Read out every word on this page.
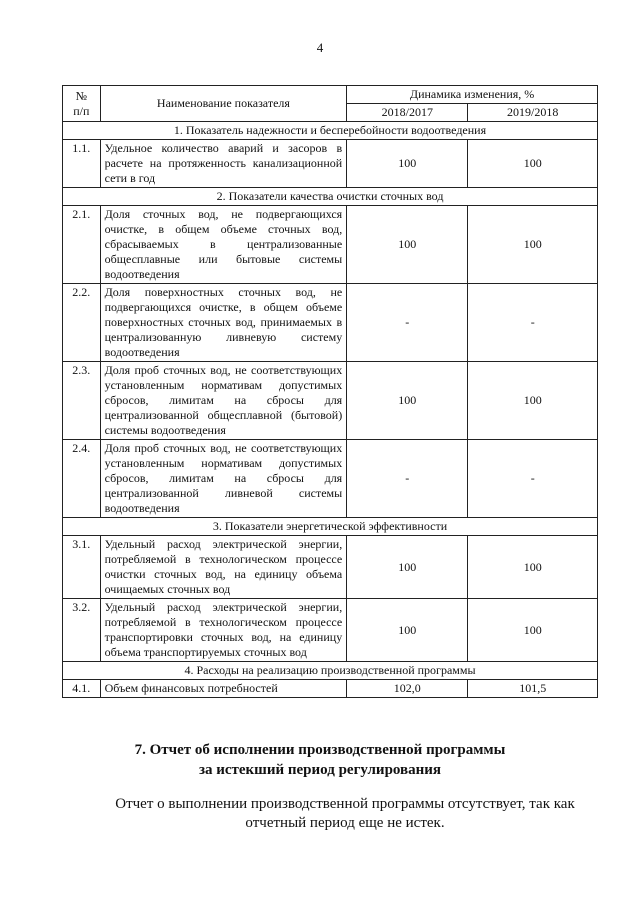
4
№
п/п	Наименование показателя	Динамика изменения, %	
		2018/2017	2019/2018
1. Показатель надежности и бесперебойности водоотведения			
1.1.	Удельное количество аварий и засоров в расчете на протяженность канализационной сети в год	100	100
2. Показатели качества очистки сточных вод			
2.1.	Доля сточных вод, не подвергающихся очистке, в общем объеме сточных вод, сбрасываемых в централизованные общесплавные или бытовые системы водоотведения	100	100
2.2.	Доля поверхностных сточных вод, не подвергающихся очистке, в общем объеме поверхностных сточных вод, принимаемых в централизованную ливневую систему водоотведения	-	-
2.3.	Доля проб сточных вод, не соответствующих установленным нормативам допустимых сбросов, лимитам на сбросы для централизованной общесплавной (бытовой) системы водоотведения	100	100
2.4.	Доля проб сточных вод, не соответствующих установленным нормативам допустимых сбросов, лимитам на сбросы для централизованной ливневой системы водоотведения	-	-
3. Показатели энергетической эффективности			
3.1.	Удельный расход электрической энергии, потребляемой в технологическом процессе очистки сточных вод, на единицу объема очищаемых сточных вод	100	100
3.2.	Удельный расход электрической энергии, потребляемой в технологическом процессе транспортировки сточных вод, на единицу объема транспортируемых сточных вод	100	100
4. Расходы на реализацию производственной программы			
4.1.	Объем финансовых потребностей	102,0	101,5
7. Отчет об исполнении производственной программы
за истекший период регулирования
Отчет о выполнении производственной программы отсутствует, так как отчетный период еще не истек.
